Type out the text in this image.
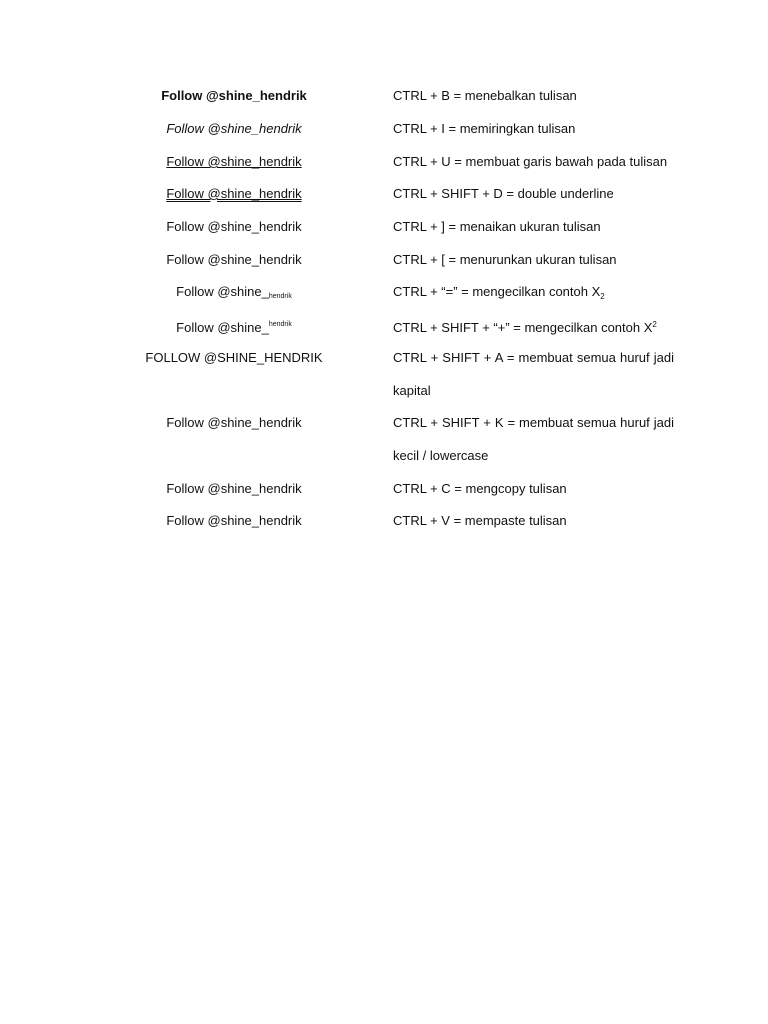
Follow @shine_hendrik	CTRL + B = menebalkan tulisan
Follow @shine_hendrik	CTRL + I = memiringkan tulisan
Follow @shine_hendrik	CTRL + U = membuat garis bawah pada tulisan
Follow @shine_hendrik	CTRL + SHIFT + D = double underline
Follow @shine_hendrik	CTRL + ] = menaikan ukuran tulisan
Follow @shine_hendrik	CTRL + [ = menurunkan ukuran tulisan
Follow @shine_hendrik	CTRL + “=” = mengecilkan contoh $X_2$
Follow @shine_$^{hendrik}$	CTRL + SHIFT + “+” = mengecilkan contoh $X^2$
FOLLOW @SHINE_HENDRIK	CTRL + SHIFT + A = membuat semua huruf jadi
kapital
Follow @shine_hendrik	CTRL + SHIFT + K = membuat semua huruf jadi
kecil / lowercase
Follow @shine_hendrik	CTRL + C = mengcopy tulisan
Follow @shine_hendrik	CTRL + V = mempaste tulisan
